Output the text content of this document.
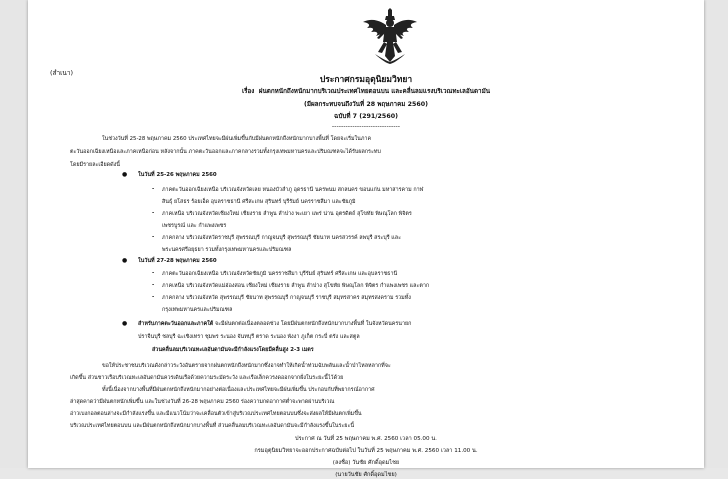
(สำเนา)
ประกาศกรมอุตุนิยมวิทยา
เรื่อง ฝนตกหนักถึงหนักมากบริเวณประเทศไทยตอนบน และคลื่นลมแรงบริเวณทะเลอันดามัน
(มีผลกระทบจนถึงวันที่ 28 พฤษภาคม 2560)
ฉบับที่ 7 (291/2560)
------------------------------
ในช่วงวันที่ 25-28 พฤษภาคม 2560 ประเทศไทยจะมีฝนเพิ่มขึ้นกับมีฝนตกหนักถึงหนักมากบางพื้นที่ โดยจะเริ่มในภาค
ตะวันออกเฉียงเหนือและภาคเหนือก่อน หลังจากนั้น ภาคตะวันออกและภาคกลางรวมทั้งกรุงเทพมหานครและปริมณฑลจะได้รับผลกระทบ
โดยมีรายละเอียดดังนี้
● ในวันที่ 25-26 พฤษภาคม 2560
- ภาคตะวันออกเฉียงเหนือ บริเวณจังหวัดเลย หนองบัวลำภู อุดรธานี นครพนม สกลนคร ขอนแก่น มหาสารคาม กาฬ
สินธุ์ ยโสธร ร้อยเอ็ด อุบลราชธานี ศรีสะเกษ สุรินทร์ บุรีรัมย์ นครราชสีมา และชัยภูมิ
- ภาคเหนือ บริเวณจังหวัดเชียงใหม่ เชียงราย ลำพูน ลำปาง พะเยา แพร่ น่าน อุตรดิตถ์ สุโขทัย พิษณุโลก พิจิตร
เพชรบูรณ์ และ กำแพงเพชร
- ภาคกลาง บริเวณจังหวัดราชบุรี สุพรรณบุรี กาญจนบุรี สุพรรณบุรี ชัยนาท นครสวรรค์ ลพบุรี สระบุรี และ
พระนครศรีอยุธยา รวมทั้งกรุงเทพมหานครและปริมณฑล
● ในวันที่ 27-28 พฤษภาคม 2560
- ภาคตะวันออกเฉียงเหนือ บริเวณจังหวัดชัยภูมิ นครราชสีมา บุรีรัมย์ สุรินทร์ ศรีสะเกษ และอุบลราชธานี
- ภาคเหนือ บริเวณจังหวัดแม่ฮ่องสอน เชียงใหม่ เชียงราย ลำพูน ลำปาง สุโขทัย พิษณุโลก พิจิตร กำแพงเพชร และตาก
- ภาคกลาง บริเวณจังหวัด สุพรรณบุรี ชัยนาท สุพรรณบุรี กาญจนบุรี ราชบุรี สมุทรสาคร สมุทรสงคราม รวมทั้ง
กรุงเทพมหานครและปริมณฑล
● สำหรับภาคตะวันออกและภาคใต้ จะมีฝนตกต่อเนื่องตลอดช่วง โดยมีฝนตกหนักถึงหนักมากบางพื้นที่ ในจังหวัดนครนายก
ปราจีนบุรี ชลบุรี ฉะเชิงเทรา ชุมพร ระนอง จันทบุรี ตราด ระนอง พังงา ภูเก็ต กระบี่ ตรัง และสตูล
ส่วนคลื่นลมบริเวณทะเลอันดามันจะมีกำลังแรงโดยมีคลื่นสูง 2-3 เมตร
ขอให้ประชาชนบริเวณดังกล่าวระวังอันตรายจากฝนตกหนักถึงหนักมากซึ่งอาจทำให้เกิดน้ำท่วมฉับพลันและน้ำป่าไหลหลากที่จะ
เกิดขึ้น ส่วนชาวเรือบริเวณทะเลอันดามันควรเดินเรือด้วยความระมัดระวัง และเรือเล็กควรงดออกจากฝั่งในระยะนี้ไว้ด้วย
ทั้งนี้เนื่องจากบางพื้นที่มีฝนตกหนักถึงหนักมากอย่างต่อเนื่องและประเทศไทยจะมีฝนเพิ่มขึ้น ประกอบกับที่พยากรณ์อากาศ
ล่าสุดคาดว่ามีฝนตกหนักเพิ่มขึ้น และในช่วงวันที่ 26-28 พฤษภาคม 2560 ร่องความกดอากาศต่ำจะพาดผ่านบริเวณ
อ่าวเบงกอลตอนล่างจะมีกำลังแรงขึ้น และมีแนวโน้มว่าจะเคลื่อนตัวเข้าสู่บริเวณประเทศไทยตอนบนซึ่งจะส่งผลให้มีฝนตกเพิ่มขึ้น
บริเวณประเทศไทยตอนบน และมีฝนตกหนักถึงหนักมากบางพื้นที่ ส่วนคลื่นลมบริเวณทะเลอันดามันจะมีกำลังแรงขึ้นในระยะนี้
ประกาศ ณ วันที่ 25 พฤษภาคม พ.ศ. 2560 เวลา 05.00 น.
กรมอุตุนิยมวิทยาจะออกประกาศฉบับต่อไป ในวันที่ 25 พฤษภาคม พ.ศ. 2560 เวลา 11.00 น.
(ลงชื่อ) วันชัย ศักดิ์อุดมไชย
(นายวันชัย ศักดิ์อุดมไชย)
